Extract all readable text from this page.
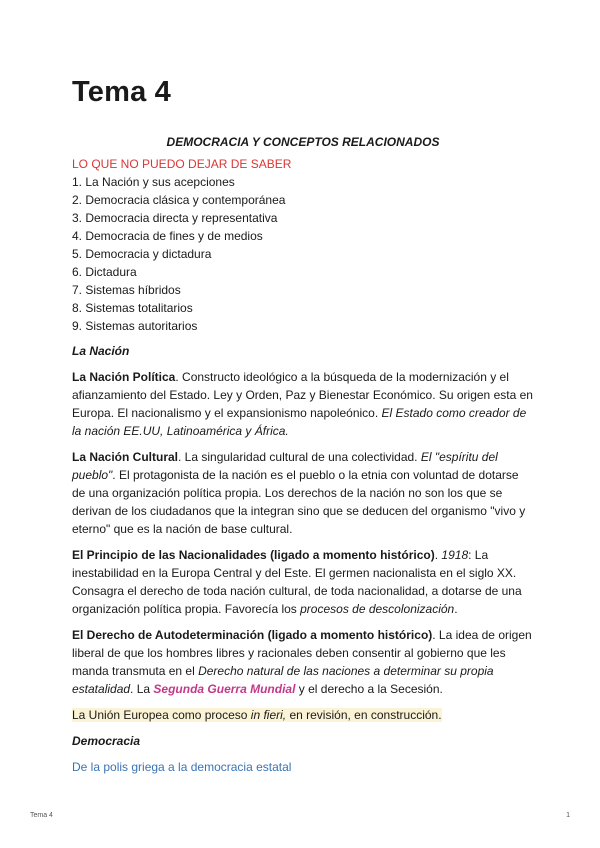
Tema 4

DEMOCRACIA Y CONCEPTOS RELACIONADOS

LO QUE NO PUEDO DEJAR DE SABER

1. La Nación y sus acepciones
2. Democracia clásica y contemporánea
3. Democracia directa y representativa
4. Democracia de fines y de medios
5. Democracia y dictadura
6. Dictadura
7. Sistemas híbridos
8. Sistemas totalitarios
9. Sistemas autoritarios

La Nación

La Nación Política. Constructo ideológico a la búsqueda de la modernización y el afianzamiento del Estado. Ley y Orden, Paz y Bienestar Económico. Su origen esta en Europa. El nacionalismo y el expansionismo napoleónico. El Estado como creador de la nación EE.UU, Latinoamérica y África.

La Nación Cultural. La singularidad cultural de una colectividad. El "espíritu del pueblo". El protagonista de la nación es el pueblo o la etnia con voluntad de dotarse de una organización política propia. Los derechos de la nación no son los que se derivan de los ciudadanos que la integran sino que se deducen del organismo "vivo y eterno" que es la nación de base cultural.

El Principio de las Nacionalidades (ligado a momento histórico). 1918: La inestabilidad en la Europa Central y del Este. El germen nacionalista en el siglo XX. Consagra el derecho de toda nación cultural, de toda nacionalidad, a dotarse de una organización política propia. Favorecía los procesos de descolonización.

El Derecho de Autodeterminación (ligado a momento histórico). La idea de origen liberal de que los hombres libres y racionales deben consentir al gobierno que les manda transmuta en el Derecho natural de las naciones a determinar su propia estatalidad. La Segunda Guerra Mundial y el derecho a la Secesión.

La Unión Europea como proceso in fieri, en revisión, en construcción.

Democracia

De la polis griega a la democracia estatal

Tema 4	1
